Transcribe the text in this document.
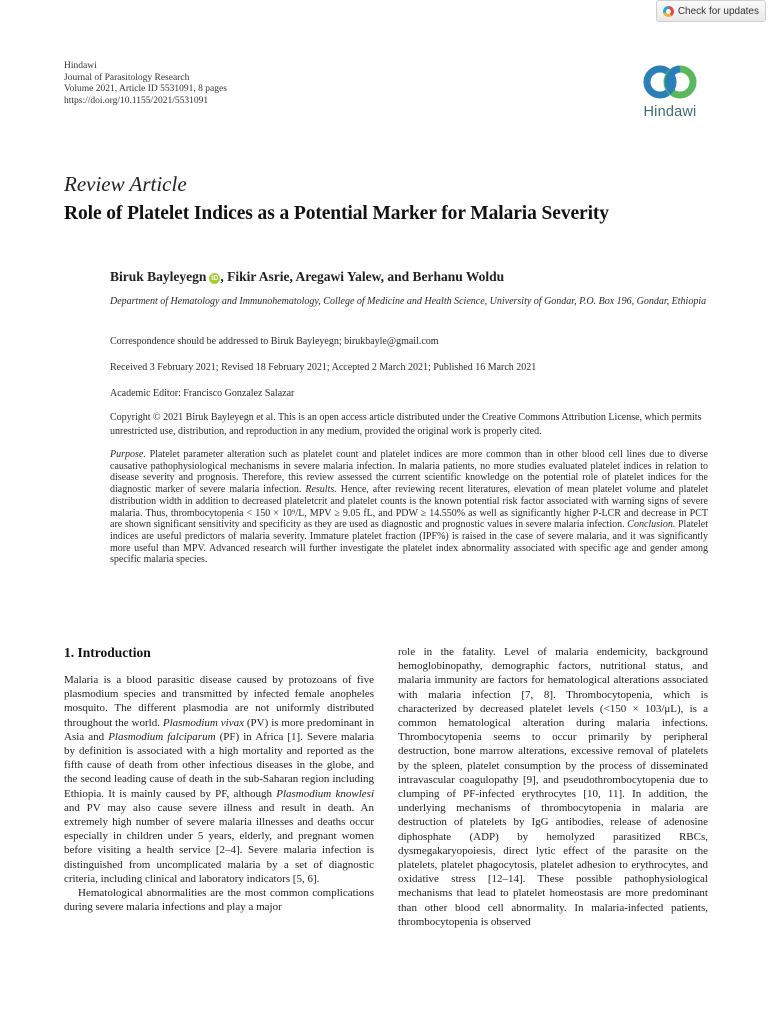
Check for updates
Hindawi
Journal of Parasitology Research
Volume 2021, Article ID 5531091, 8 pages
https://doi.org/10.1155/2021/5531091
Hindawi
Review Article
Role of Platelet Indices as a Potential Marker for Malaria Severity
Biruk Bayleyegn iD , Fikir Asrie, Aregawi Yalew, and Berhanu Woldu
Department of Hematology and Immunohematology, College of Medicine and Health Science, University of Gondar, P.O. Box 196, Gondar, Ethiopia
Correspondence should be addressed to Biruk Bayleyegn; birukbayle@gmail.com
Received 3 February 2021; Revised 18 February 2021; Accepted 2 March 2021; Published 16 March 2021
Academic Editor: Francisco Gonzalez Salazar
Copyright © 2021 Biruk Bayleyegn et al. This is an open access article distributed under the Creative Commons Attribution License, which permits unrestricted use, distribution, and reproduction in any medium, provided the original work is properly cited.
Purpose. Platelet parameter alteration such as platelet count and platelet indices are more common than in other blood cell lines due to diverse causative pathophysiological mechanisms in severe malaria infection. In malaria patients, no more studies evaluated platelet indices in relation to disease severity and prognosis. Therefore, this review assessed the current scientific knowledge on the potential role of platelet indices for the diagnostic marker of severe malaria infection. Results. Hence, after reviewing recent literatures, elevation of mean platelet volume and platelet distribution width in addition to decreased plateletcrit and platelet counts is the known potential risk factor associated with warning signs of severe malaria. Thus, thrombocytopenia < 150 × 10⁹/L, MPV ≥ 9.05 fL, and PDW ≥ 14.550% as well as significantly higher P-LCR and decrease in PCT are shown significant sensitivity and specificity as they are used as diagnostic and prognostic values in severe malaria infection. Conclusion. Platelet indices are useful predictors of malaria severity. Immature platelet fraction (IPF%) is raised in the case of severe malaria, and it was significantly more useful than MPV. Advanced research will further investigate the platelet index abnormality associated with specific age and gender among specific malaria species.
1. Introduction

Malaria is a blood parasitic disease caused by protozoans of five plasmodium species and transmitted by infected female anopheles mosquito. The different plasmodia are not uniformly distributed throughout the world. Plasmodium vivax (PV) is more predominant in Asia and Plasmodium falciparum (PF) in Africa [1]. Severe malaria by definition is associated with a high mortality and reported as the fifth cause of death from other infectious diseases in the globe, and the second leading cause of death in the sub-Saharan region including Ethiopia. It is mainly caused by PF, although Plasmodium knowlesi and PV may also cause severe illness and result in death. An extremely high number of severe malaria illnesses and deaths occur especially in children under 5 years, elderly, and pregnant women before visiting a health service [2–4]. Severe malaria infection is distinguished from uncomplicated malaria by a set of diagnostic criteria, including clinical and laboratory indicators [5, 6].

Hematological abnormalities are the most common complications during severe malaria infections and play a major

role in the fatality. Level of malaria endemicity, background hemoglobinopathy, demographic factors, nutritional status, and malaria immunity are factors for hematological alterations associated with malaria infection [7, 8]. Thrombocytopenia, which is characterized by decreased platelet levels (<150 × 103/μL), is a common hematological alteration during malaria infections. Thrombocytopenia seems to occur primarily by peripheral destruction, bone marrow alterations, excessive removal of platelets by the spleen, platelet consumption by the process of disseminated intravascular coagulopathy [9], and pseudothrombocytopenia due to clumping of PF-infected erythrocytes [10, 11]. In addition, the underlying mechanisms of thrombocytopenia in malaria are destruction of platelets by IgG antibodies, release of adenosine diphosphate (ADP) by hemolyzed parasitized RBCs, dysmegakaryopoiesis, direct lytic effect of the parasite on the platelets, platelet phagocytosis, platelet adhesion to erythrocytes, and oxidative stress [12–14]. These possible pathophysiological mechanisms that lead to platelet homeostasis are more predominant than other blood cell abnormality. In malaria-infected patients, thrombocytopenia is observed
